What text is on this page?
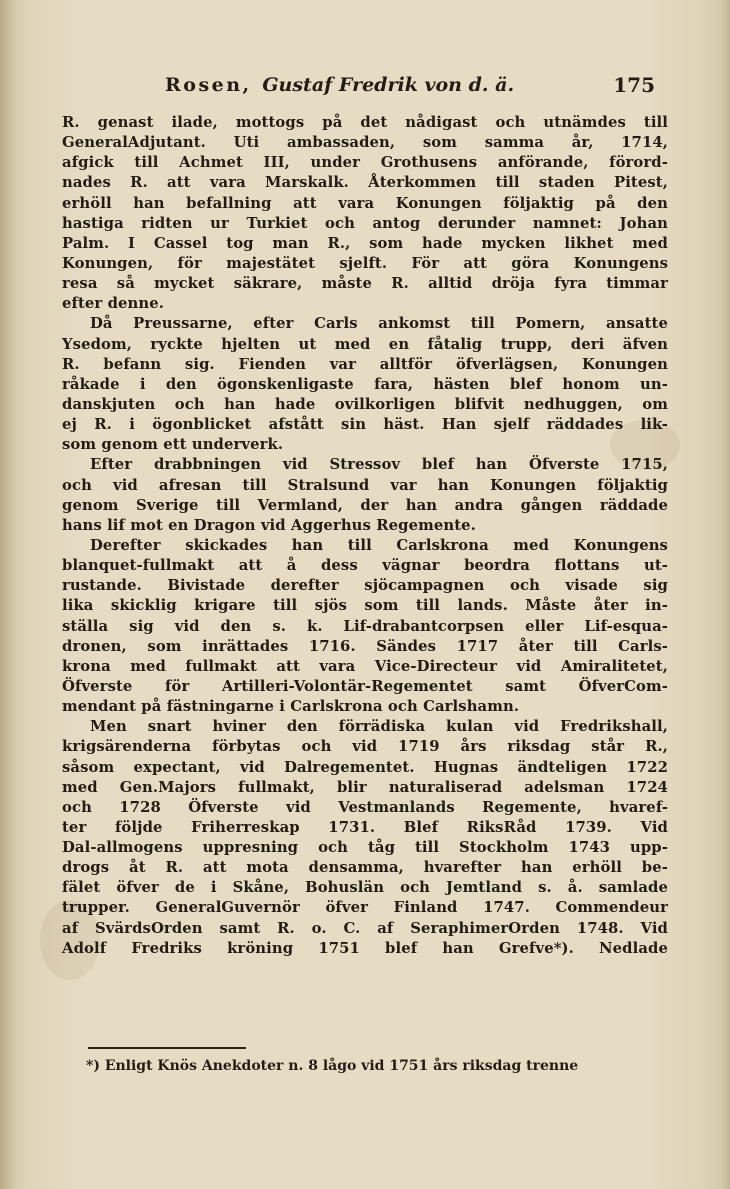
Rosen, Gustaf Fredrik von d. ä.	175
R. genast ilade, mottogs på det nådigast och utnämdes till
GeneralAdjutant. Uti ambassaden, som samma år, 1714,
afgick till Achmet III, under Grothusens anförande, förord-
nades R. att vara Marskalk. Återkommen till staden Pitest,
erhöll han befallning att vara Konungen följaktig på den
hastiga ridten ur Turkiet och antog derunder namnet: Johan
Palm. I Cassel tog man R., som hade mycken likhet med
Konungen, för majestätet sjelft. För att göra Konungens
resa så mycket säkrare, måste R. alltid dröja fyra timmar
efter denne.
Då Preussarne, efter Carls ankomst till Pomern, ansatte
Ysedom, ryckte hjelten ut med en fåtalig trupp, deri äfven
R. befann sig. Fienden var alltför öfverlägsen, Konungen
råkade i den ögonskenligaste fara, hästen blef honom un-
danskjuten och han hade ovilkorligen blifvit nedhuggen, om
ej R. i ögonblicket afstått sin häst. Han sjelf räddades lik-
som genom ett underverk.
Efter drabbningen vid Stressov blef han Öfverste 1715,
och vid afresan till Stralsund var han Konungen följaktig
genom Sverige till Vermland, der han andra gången räddade
hans lif mot en Dragon vid Aggerhus Regemente.
Derefter skickades han till Carlskrona med Konungens
blanquet-fullmakt att å dess vägnar beordra flottans ut-
rustande. Bivistade derefter sjöcampagnen och visade sig
lika skicklig krigare till sjös som till lands. Måste åter in-
ställa sig vid den s. k. Lif-drabantcorpsen eller Lif-esqua-
dronen, som inrättades 1716. Sändes 1717 åter till Carls-
krona med fullmakt att vara Vice-Directeur vid Amiralitetet,
Öfverste för Artilleri-Volontär-Regementet samt ÖfverCom-
mendant på fästningarne i Carlskrona och Carlshamn.
Men snart hviner den förrädiska kulan vid Fredrikshall,
krigsärenderna förbytas och vid 1719 års riksdag står R.,
såsom expectant, vid Dalregementet. Hugnas ändteligen 1722
med Gen.Majors fullmakt, blir naturaliserad adelsman 1724
och 1728 Öfverste vid Vestmanlands Regemente, hvaref-
ter följde Friherreskap 1731. Blef RiksRåd 1739. Vid
Dal-allmogens uppresning och tåg till Stockholm 1743 upp-
drogs åt R. att mota densamma, hvarefter han erhöll be-
fälet öfver de i Skåne, Bohuslän och Jemtland s. å. samlade
trupper. GeneralGuvernör öfver Finland 1747. Commendeur
af SvärdsOrden samt R. o. C. af SeraphimerOrden 1748. Vid
Adolf Fredriks kröning 1751 blef han Grefve*). Nedlade
*) Enligt Knös Anekdoter n. 8 lågo vid 1751 års riksdag trenne
